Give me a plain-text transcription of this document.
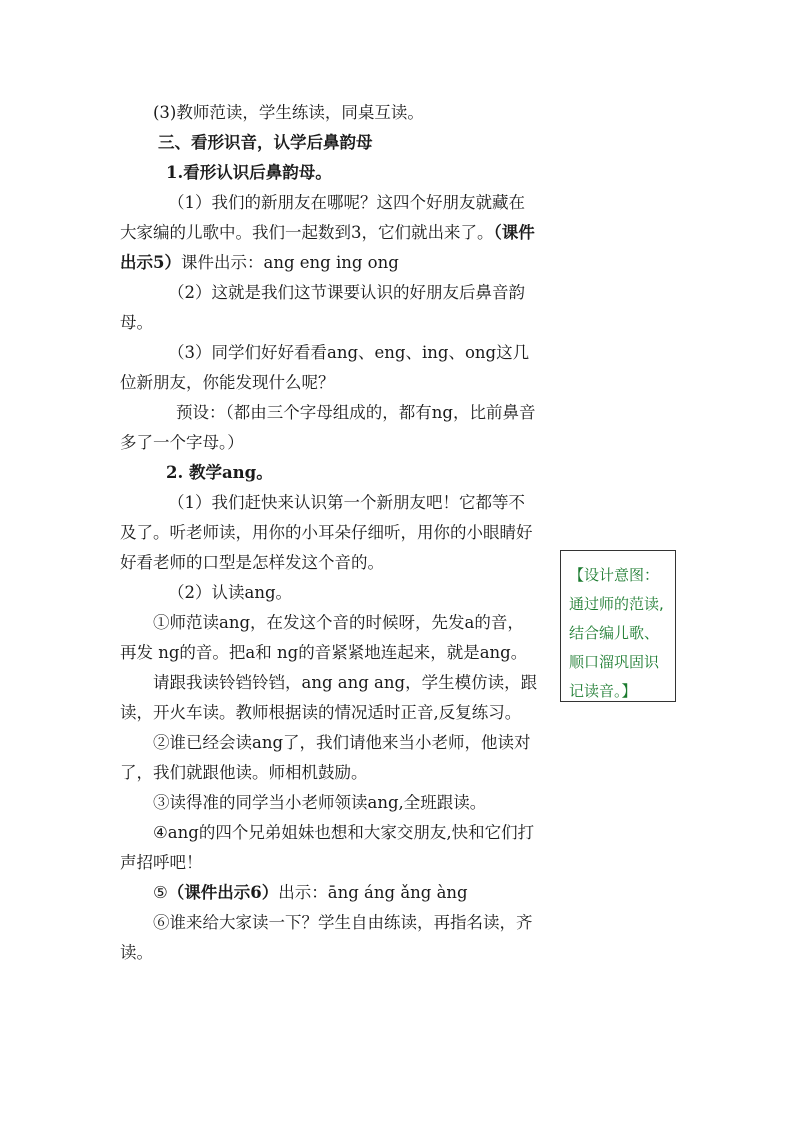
(3)教师范读，学生练读，同桌互读。

三、看形识音，认学后鼻韵母

1.看形认识后鼻韵母。

（1）我们的新朋友在哪呢？这四个好朋友就藏在大家编的儿歌中。我们一起数到3，它们就出来了。（课件出示5）课件出示：ang eng ing ong

（2）这就是我们这节课要认识的好朋友后鼻音韵母。

（3）同学们好好看看ang、eng、ing、ong这几位新朋友，你能发现什么呢？

预设：（都由三个字母组成的，都有ng，比前鼻音多了一个字母。）

2. 教学ang。

（1）我们赶快来认识第一个新朋友吧！它都等不及了。听老师读，用你的小耳朵仔细听，用你的小眼睛好好看老师的口型是怎样发这个音的。

（2）认读ang。

①师范读ang，在发这个音的时候呀，先发a的音，再发 ng的音。把a和 ng的音紧紧地连起来，就是ang。

请跟我读铃铛铃铛，ang ang ang，学生模仿读，跟读，开火车读。教师根据读的情况适时正音,反复练习。

②谁已经会读ang了，我们请他来当小老师，他读对了，我们就跟他读。师相机鼓励。

③读得准的同学当小老师领读ang,全班跟读。

④ang的四个兄弟姐妹也想和大家交朋友,快和它们打声招呼吧！

⑤（课件出示6）出示：āng áng ǎng àng

⑥谁来给大家读一下？学生自由练读，再指名读，齐读。

【设计意图：

通过师的范读,

结合编儿歌、

顺口溜巩固识

记读音。】
